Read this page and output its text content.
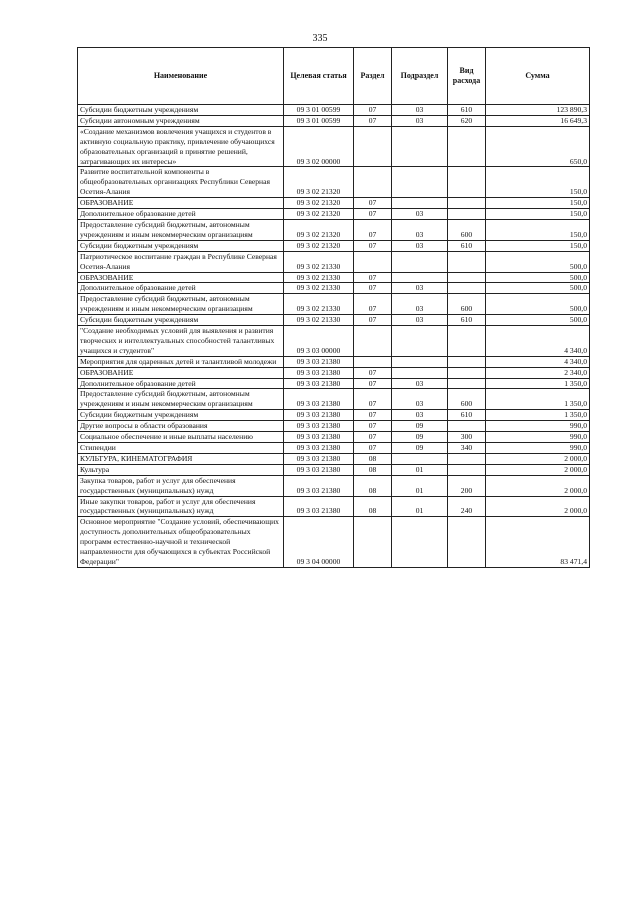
335
Наименование	Целевая статья	Раздел	Подраздел	Вид расхода	Сумма
Субсидии бюджетным учреждениям	09 3 01 00599	07	03	610	123 890,3
Субсидии автономным учреждениям	09 3 01 00599	07	03	620	16 649,3
«Создание механизмов вовлечения учащихся и студентов в активную социальную практику, привлечение обучающихся образовательных организаций в принятие решений, затрагивающих их интересы»	09 3 02 00000				650,0
Развитие воспитательной компоненты в общеобразовательных организациях Республики Северная Осетия-Алания	09 3 02 21320				150,0
ОБРАЗОВАНИЕ	09 3 02 21320	07			150,0
Дополнительное образование детей	09 3 02 21320	07	03		150,0
Предоставление субсидий бюджетным, автономным учреждениям и иным некоммерческим организациям	09 3 02 21320	07	03	600	150,0
Субсидии бюджетным учреждениям	09 3 02 21320	07	03	610	150,0
Патриотическое воспитание граждан в Республике Северная Осетия-Алания	09 3 02 21330				500,0
ОБРАЗОВАНИЕ	09 3 02 21330	07			500,0
Дополнительное образование детей	09 3 02 21330	07	03		500,0
Предоставление субсидий бюджетным, автономным учреждениям и иным некоммерческим организациям	09 3 02 21330	07	03	600	500,0
Субсидии бюджетным учреждениям	09 3 02 21330	07	03	610	500,0
"Создание необходимых условий для выявления и развития творческих и интеллектуальных способностей талантливых учащихся и студентов"	09 3 03 00000				4 340,0
Мероприятия для одаренных детей и талантливой молодежи	09 3 03 21380				4 340,0
ОБРАЗОВАНИЕ	09 3 03 21380	07			2 340,0
Дополнительное образование детей	09 3 03 21380	07	03		1 350,0
Предоставление субсидий бюджетным, автономным учреждениям и иным некоммерческим организациям	09 3 03 21380	07	03	600	1 350,0
Субсидии бюджетным учреждениям	09 3 03 21380	07	03	610	1 350,0
Другие вопросы в области образования	09 3 03 21380	07	09		990,0
Социальное обеспечение и иные выплаты населению	09 3 03 21380	07	09	300	990,0
Стипендии	09 3 03 21380	07	09	340	990,0
КУЛЬТУРА, КИНЕМАТОГРАФИЯ	09 3 03 21380	08			2 000,0
Культура	09 3 03 21380	08	01		2 000,0
Закупка товаров, работ и услуг для обеспечения государственных (муниципальных) нужд	09 3 03 21380	08	01	200	2 000,0
Иные закупки товаров, работ и услуг для обеспечения государственных (муниципальных) нужд	09 3 03 21380	08	01	240	2 000,0
Основное мероприятие "Создание условий, обеспечивающих доступность дополнительных общеобразовательных программ естественно-научной и технической направленности для обучающихся в субъектах Российской Федерации"	09 3 04 00000				83 471,4
